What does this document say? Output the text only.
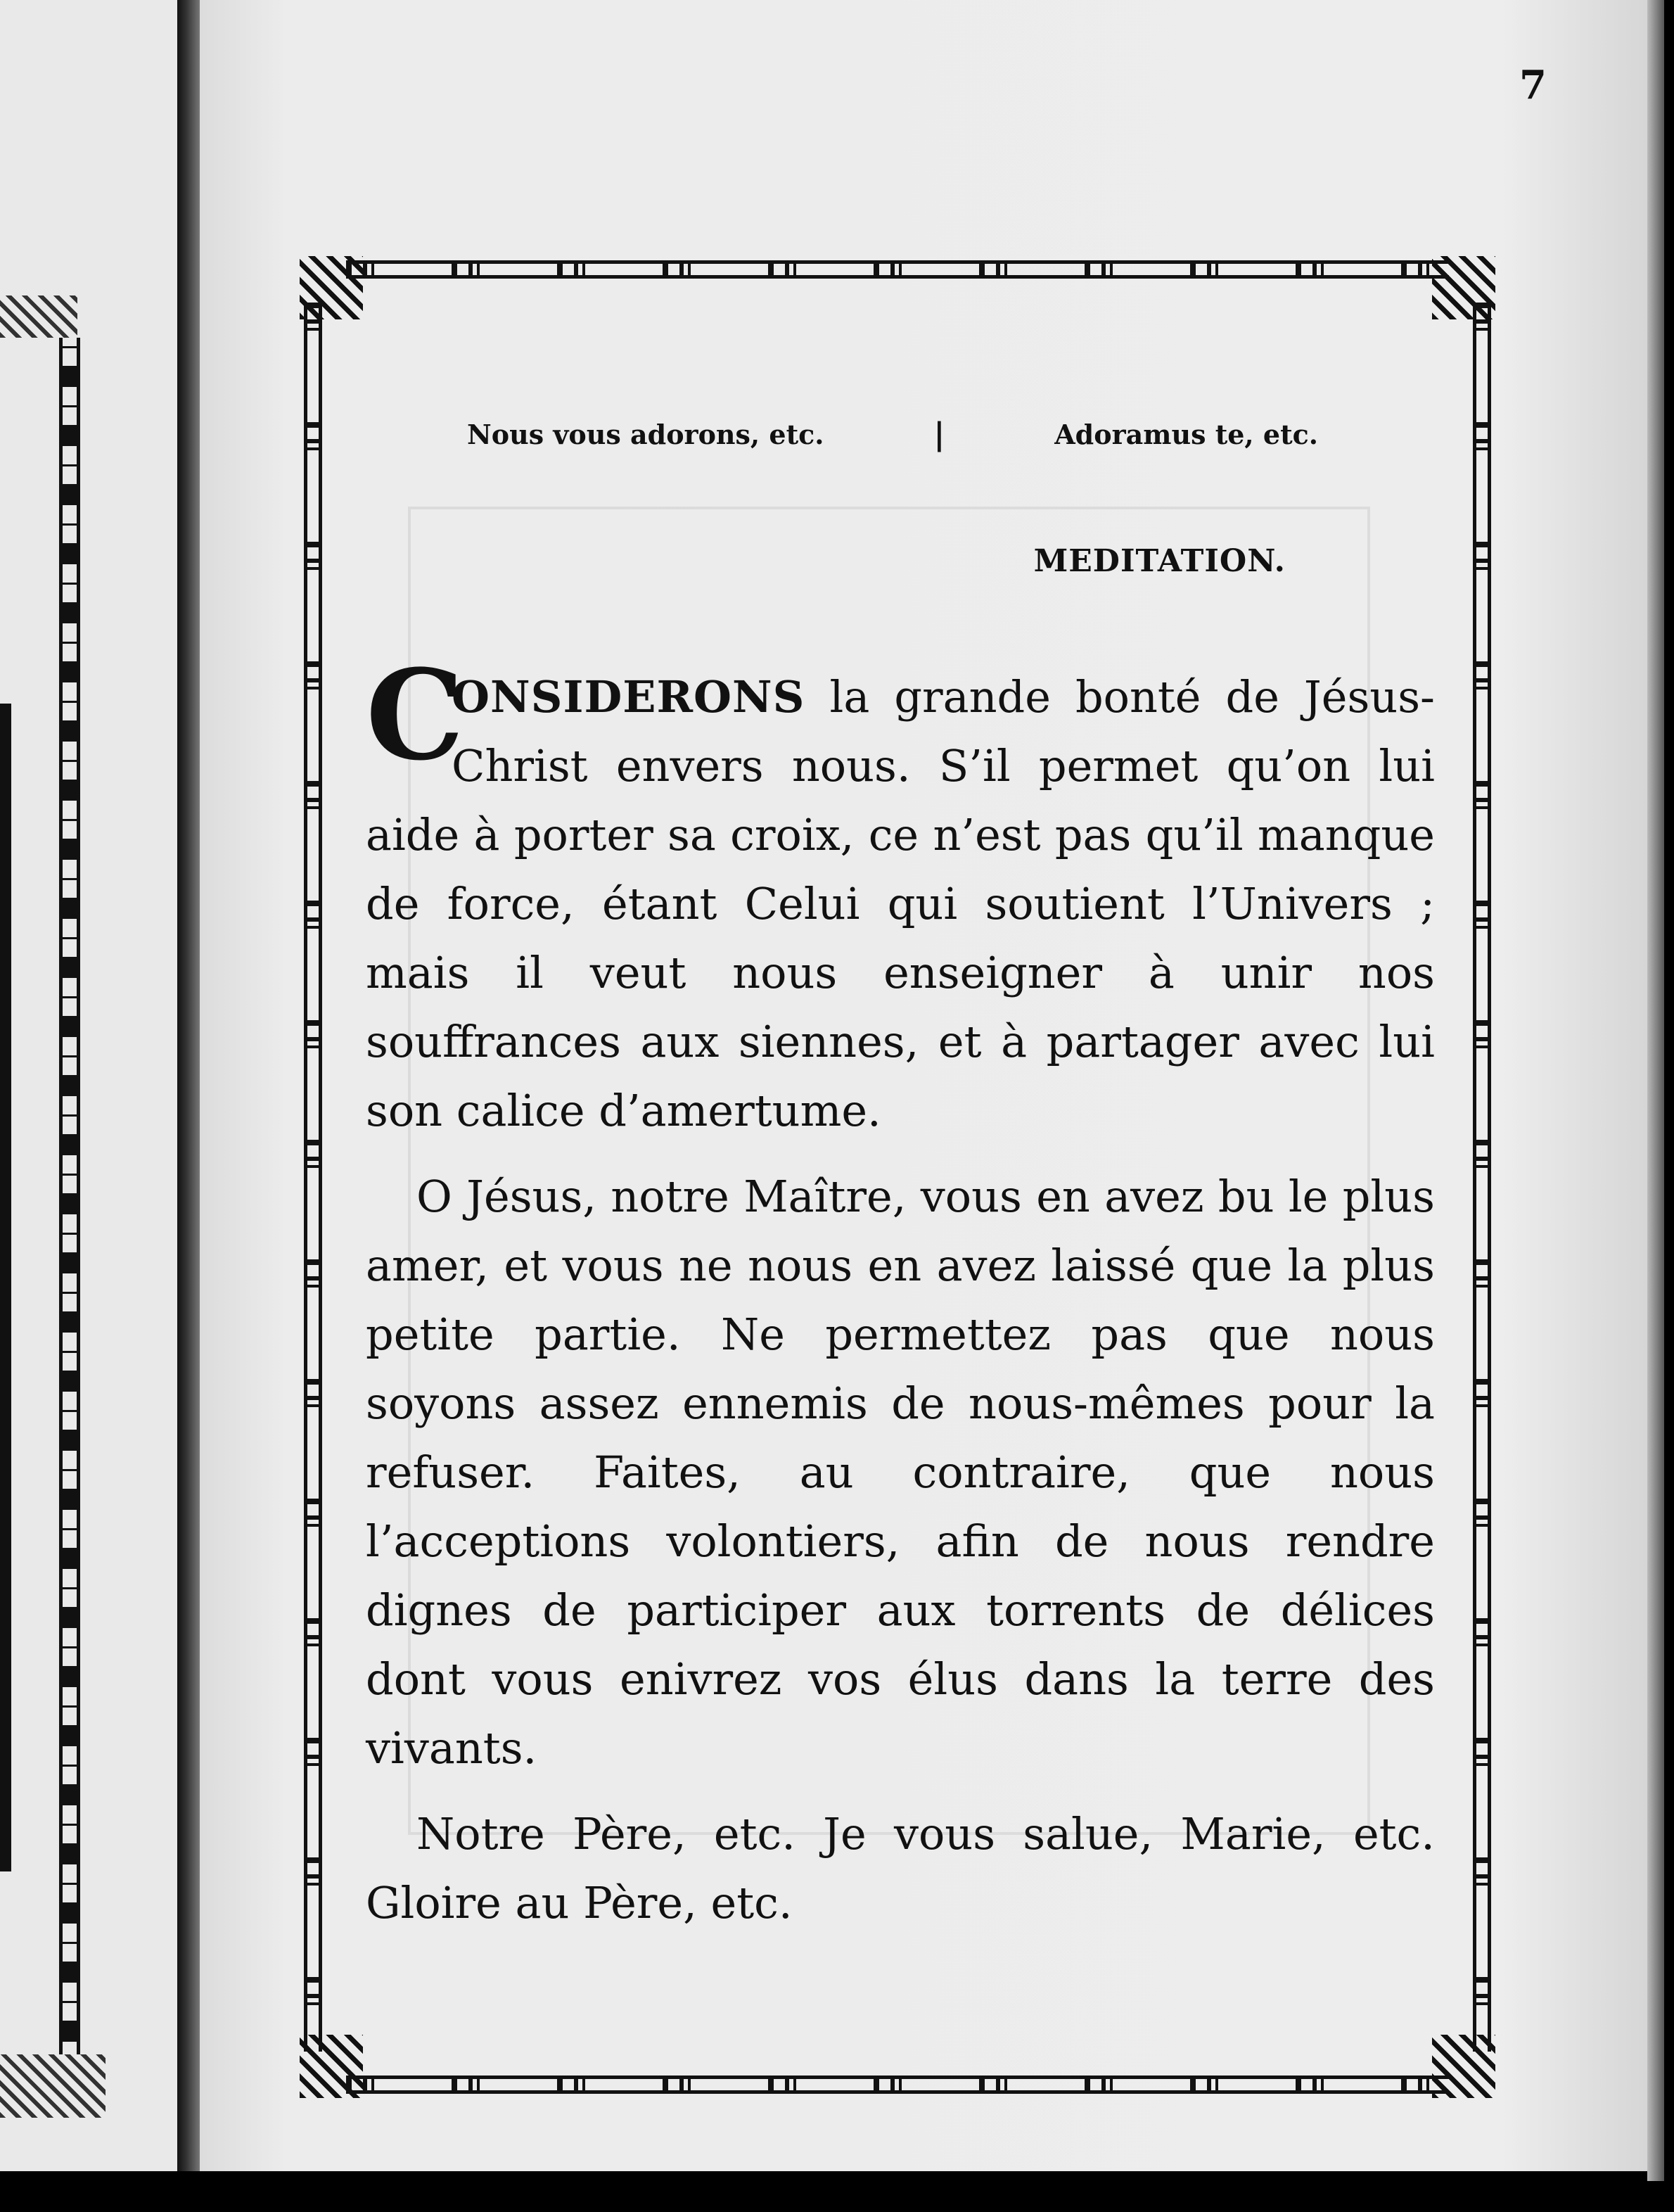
7
Nous vous adorons, etc.	|	Adoramus te, etc.
MEDITATION.

C
ONSIDERONS la grande bonté de Jésus-Christ envers nous. S’il permet qu’on lui aide à porter sa croix, ce n’est pas qu’il manque de force, étant Celui qui soutient l’Univers ; mais il veut nous enseigner à unir nos souffrances aux siennes, et à partager avec lui son calice d’amertume.

O Jésus, notre Maître, vous en avez bu le plus amer, et vous ne nous en avez laissé que la plus petite partie. Ne permettez pas que nous soyons assez ennemis de nous-mêmes pour la refuser. Faites, au contraire, que nous l’acceptions volontiers, afin de nous rendre dignes de participer aux torrents de délices dont vous enivrez vos élus dans la terre des vivants.

Notre Père, etc. Je vous salue, Marie, etc. Gloire au Père, etc.
